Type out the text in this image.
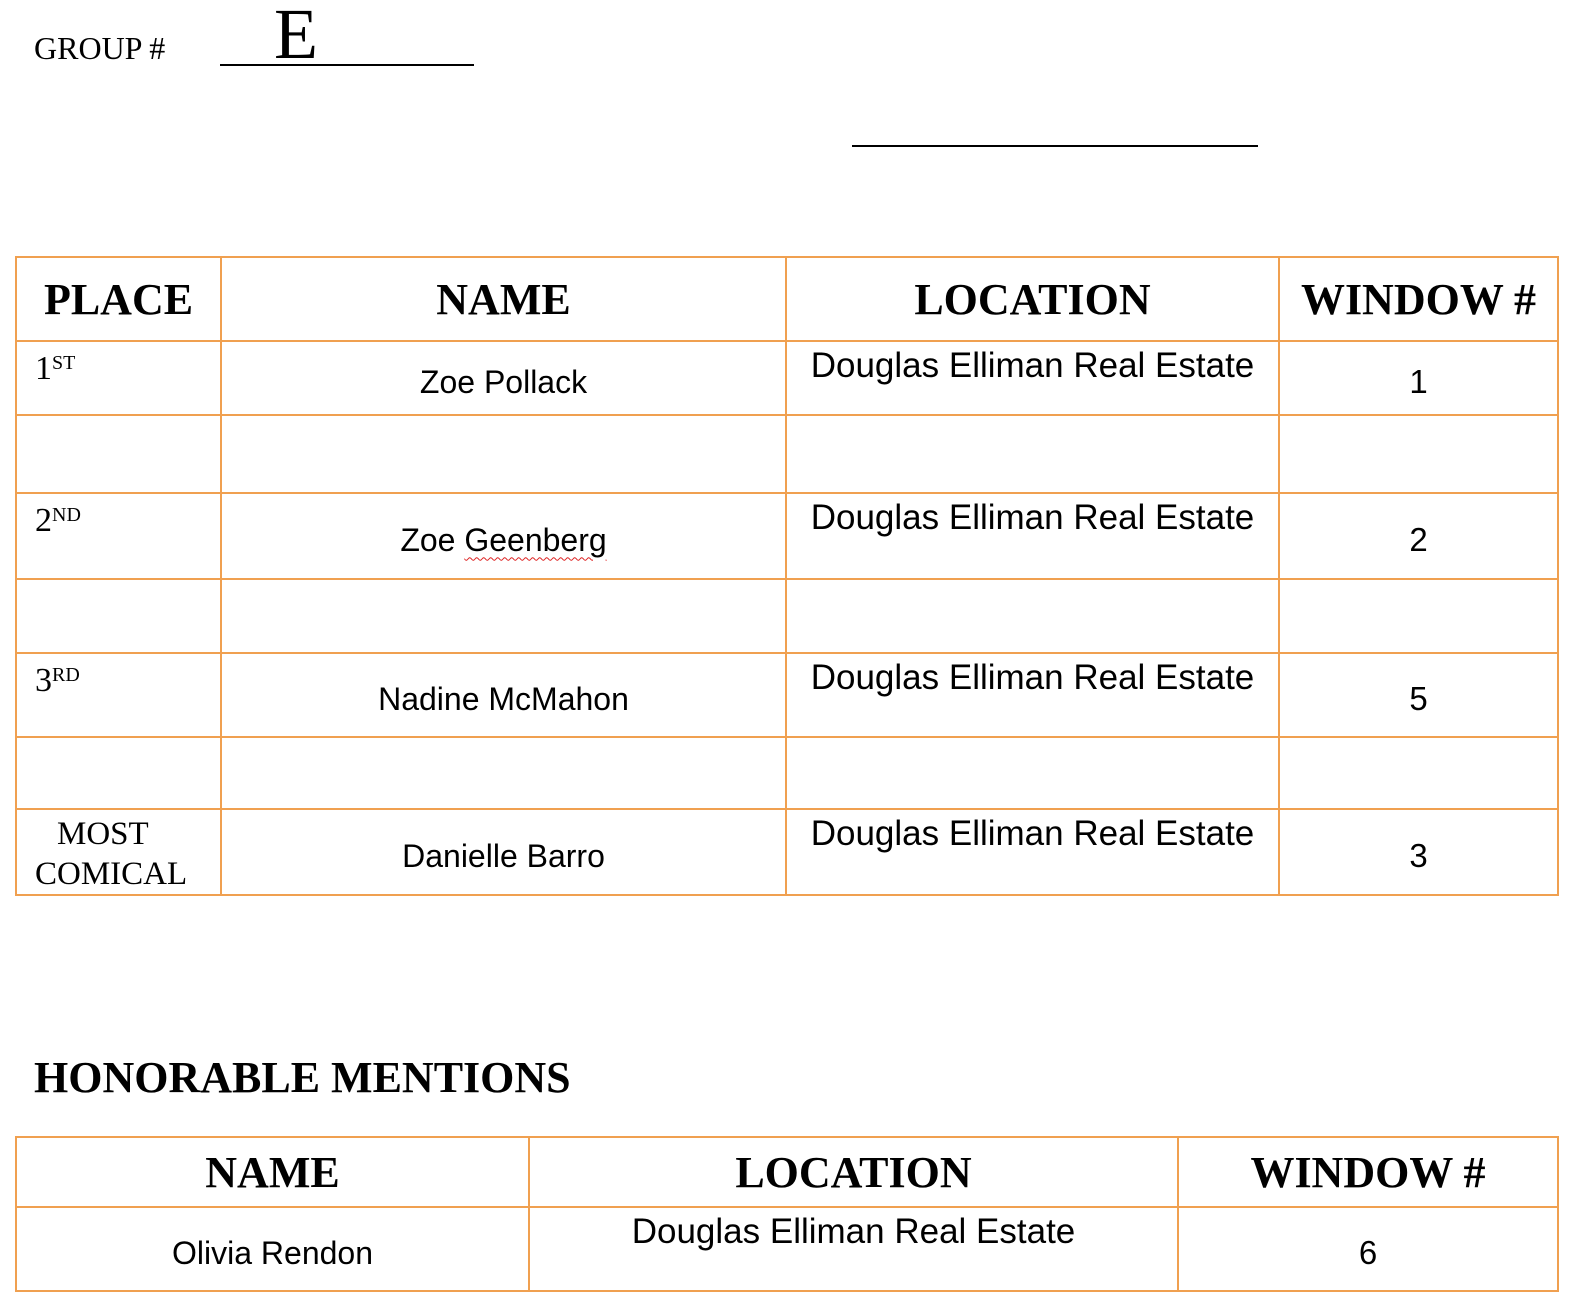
GROUP # E
PLACE	NAME	LOCATION	WINDOW #
1ST	Zoe Pollack	Douglas Elliman Real Estate	1

2ND	Zoe Geenberg	Douglas Elliman Real Estate	2

3RD	Nadine McMahon	Douglas Elliman Real Estate	5

MOST
COMICAL	Danielle Barro	Douglas Elliman Real Estate	3
HONORABLE MENTIONS
NAME	LOCATION	WINDOW #
Olivia Rendon	Douglas Elliman Real Estate	6
